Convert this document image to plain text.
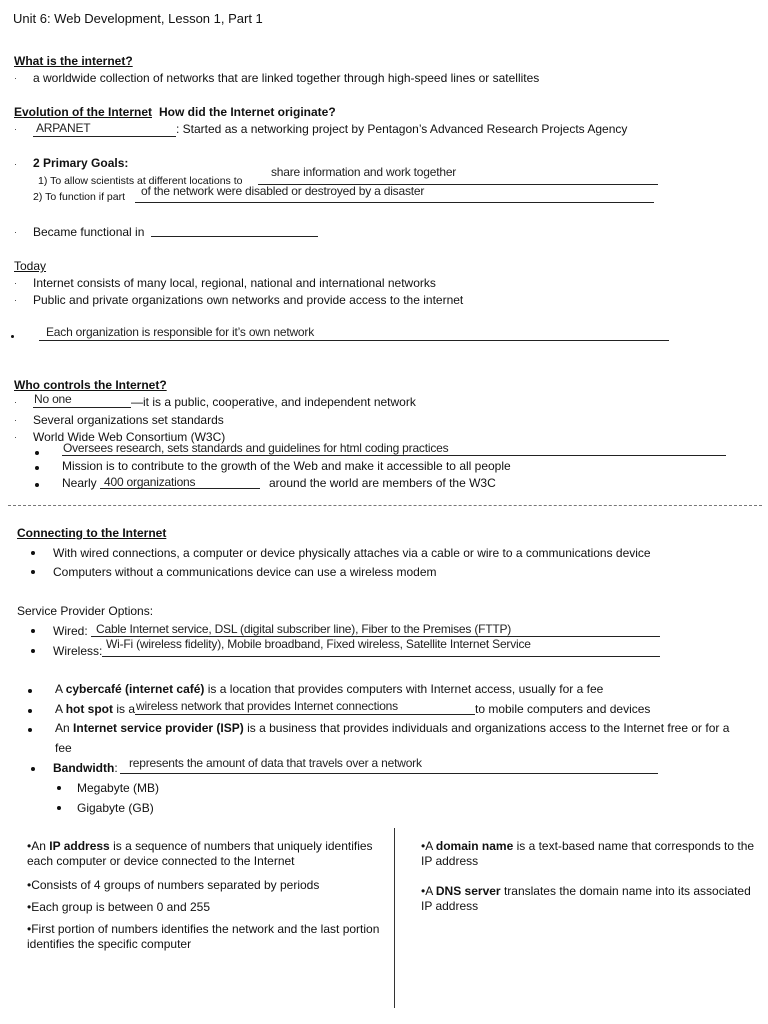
Unit 6: Web Development, Lesson 1, Part 1
What is the internet?
· a worldwide collection of networks that are linked together through high-speed lines or satellites
Evolution of the Internet How did the Internet originate?
· ARPANET	: Started as a networking project by Pentagon’s Advanced Research Projects Agency
· 2 Primary Goals:
1) To allow scientists at different locations to
share information and work together
2) To function if part of the network were disabled or destroyed by a disaster
· Became functional in
Today
· Internet consists of many local, regional, national and international networks
· Public and private organizations own networks and provide access to the internet
Each organization is responsible for it’s own network
Who controls the Internet?
· No one	—it is a public, cooperative, and independent network
· Several organizations set standards
· World Wide Web Consortium (W3C)
Oversees research, sets standards and guidelines for html coding practices
Mission is to contribute to the growth of the Web and make it accessible to all people
Nearly 400 organizations	around the world are members of the W3C
Connecting to the Internet
With wired connections, a computer or device physically attaches via a cable or wire to a communications device
Computers without a communications device can use a wireless modem
Service Provider Options:
Wired: Cable Internet service, DSL (digital subscriber line), Fiber to the Premises (FTTP)
Wireless: Wi-Fi (wireless fidelity), Mobile broadband, Fixed wireless, Satellite Internet Service
A cybercafé (internet café) is a location that provides computers with Internet access, usually for a fee
A hot spot is a wireless network that provides Internet connections	to mobile computers and devices
An Internet service provider (ISP) is a business that provides individuals and organizations access to the Internet free or for a
fee
Bandwidth: represents the amount of data that travels over a network
Megabyte (MB)
Gigabyte (GB)
•An IP address is a sequence of numbers that uniquely identifies
each computer or device connected to the Internet
•Consists of 4 groups of numbers separated by periods
•Each group is between 0 and 255
•First portion of numbers identifies the network and the last portion
identifies the specific computer
•A domain name is a text-based name that corresponds to the
IP address
•A DNS server translates the domain name into its associated
IP address
